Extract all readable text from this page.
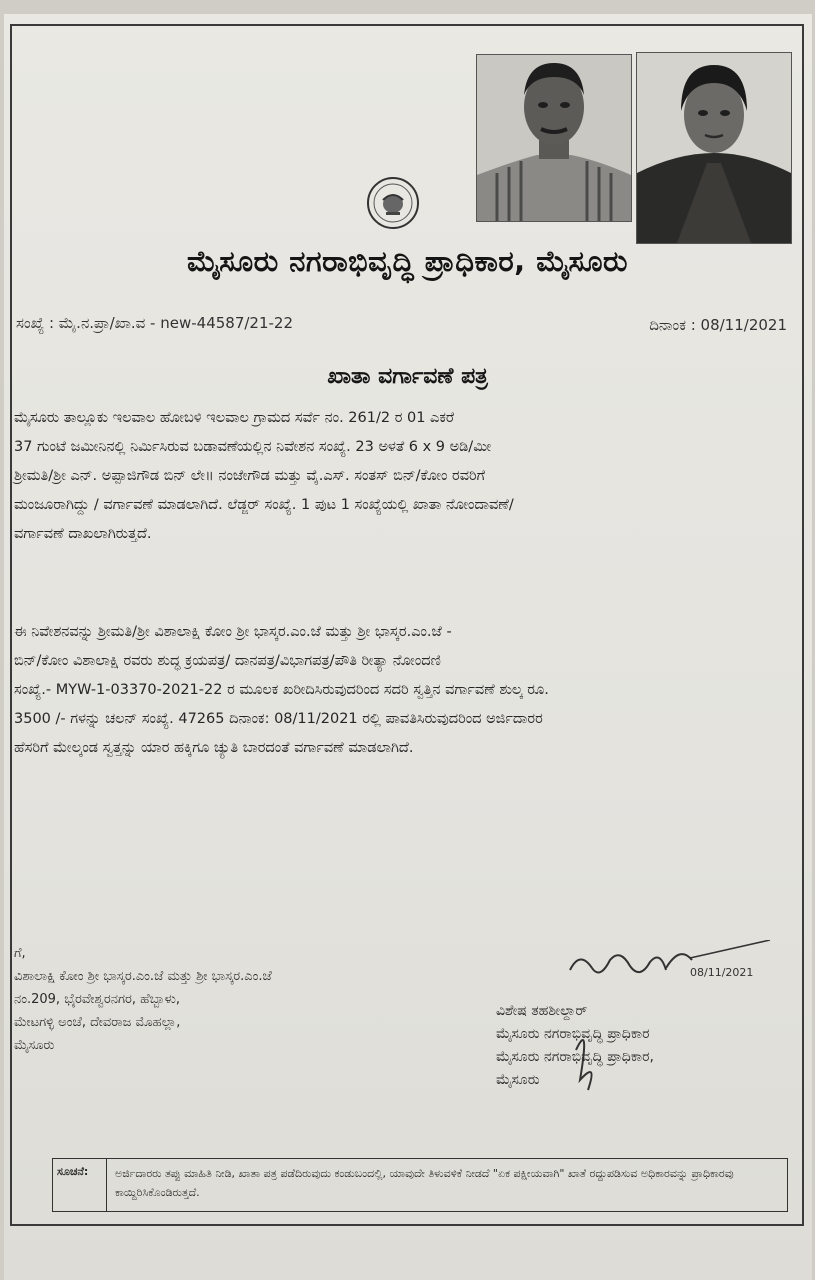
ಮೈಸೂರು ನಗರಾಭಿವೃದ್ಧಿ ಪ್ರಾಧಿಕಾರ, ಮೈಸೂರು
ಸಂಖ್ಯೆ : ಮೈ.ನ.ಪ್ರಾ/ಖಾ.ವ - new-44587/21-22	ದಿನಾಂಕ : 08/11/2021
ಖಾತಾ ವರ್ಗಾವಣೆ ಪತ್ರ
ಮೈಸೂರು ತಾಲ್ಲೂಕು ಇಲವಾಲ ಹೋಬಳಿ ಇಲವಾಲ ಗ್ರಾಮದ ಸರ್ವೆ ನಂ. 261/2 ರ 01 ಎಕರೆ
37 ಗುಂಟೆ ಜಮೀನಿನಲ್ಲಿ ನಿರ್ಮಿಸಿರುವ ಬಡಾವಣೆಯಲ್ಲಿನ ನಿವೇಶನ ಸಂಖ್ಯೆ. 23 ಅಳತೆ 6 x 9 ಅಡಿ/ಮೀ
ಶ್ರೀಮತಿ/ಶ್ರೀ ಎನ್. ಅಪ್ಪಾಜಿಗೌಡ ಬಿನ್ ಲೇ॥ ನಂಜೇಗೌಡ ಮತ್ತು ವೈ.ಎಸ್. ಸಂತಸ್ ಬಿನ್/ಕೋಂ ರವರಿಗೆ
ಮಂಜೂರಾಗಿದ್ದು / ವರ್ಗಾವಣೆ ಮಾಡಲಾಗಿದೆ. ಲೆಡ್ಜರ್ ಸಂಖ್ಯೆ. 1 ಪುಟ 1 ಸಂಖ್ಯೆಯಲ್ಲಿ ಖಾತಾ ನೋಂದಾವಣೆ/
ವರ್ಗಾವಣೆ ದಾಖಲಾಗಿರುತ್ತದೆ.
ಈ ನಿವೇಶನವನ್ನು ಶ್ರೀಮತಿ/ಶ್ರೀ ವಿಶಾಲಾಕ್ಷಿ ಕೋಂ ಶ್ರೀ ಭಾಸ್ಕರ.ಎಂ.ಜೆ ಮತ್ತು ಶ್ರೀ ಭಾಸ್ಕರ.ಎಂ.ಜೆ -
ಬಿನ್/ಕೋಂ ವಿಶಾಲಾಕ್ಷಿ ರವರು ಶುದ್ಧ ಕ್ರಯಪತ್ರ/ ದಾನಪತ್ರ/ವಿಭಾಗಪತ್ರ/ಪೌತಿ ರೀತ್ಯಾ ನೋಂದಣಿ
ಸಂಖ್ಯೆ.- MYW-1-03370-2021-22 ರ ಮೂಲಕ ಖರೀದಿಸಿರುವುದರಿಂದ ಸದರಿ ಸ್ವತ್ತಿನ ವರ್ಗಾವಣೆ ಶುಲ್ಕ ರೂ.
3500 /- ಗಳನ್ನು ಚಲನ್ ಸಂಖ್ಯೆ. 47265 ದಿನಾಂಕ: 08/11/2021 ರಲ್ಲಿ ಪಾವತಿಸಿರುವುದರಿಂದ ಅರ್ಜಿದಾರರ
ಹೆಸರಿಗೆ ಮೇಲ್ಕಂಡ ಸ್ವತ್ತನ್ನು ಯಾರ ಹಕ್ಕಿಗೂ ಚ್ಯುತಿ ಬಾರದಂತೆ ವರ್ಗಾವಣೆ ಮಾಡಲಾಗಿದೆ.
ಗೆ,
ವಿಶಾಲಾಕ್ಷಿ ಕೋಂ ಶ್ರೀ ಭಾಸ್ಕರ.ಎಂ.ಜೆ ಮತ್ತು ಶ್ರೀ ಭಾಸ್ಕರ.ಎಂ.ಜೆ
ನಂ.209, ಭೈರವೇಶ್ವರನಗರ, ಹೆಬ್ಬಾಳು,
ಮೇಟಗಳ್ಳಿ ಅಂಚೆ, ದೇವರಾಜ ಮೊಹಲ್ಲಾ,
ಮೈಸೂರು
08/11/2021
ವಿಶೇಷ ತಹಶೀಲ್ದಾರ್
ಮೈಸೂರು ನಗರಾಭಿವೃದ್ಧಿ ಪ್ರಾಧಿಕಾರ
ಮೈಸೂರು ನಗರಾಭಿವೃದ್ಧಿ ಪ್ರಾಧಿಕಾರ,
ಮೈಸೂರು
ಸೂಚನೆ:	ಅರ್ಜಿದಾರರು ತಪ್ಪು ಮಾಹಿತಿ ನೀಡಿ, ಖಾತಾ ಪತ್ರ ಪಡೆದಿರುವುದು ಕಂಡುಬಂದಲ್ಲಿ, ಯಾವುದೇ ತಿಳುವಳಿಕೆ ನೀಡದೆ "ಏಕ ಪಕ್ಷೀಯವಾಗಿ" ಖಾತೆ ರದ್ದುಪಡಿಸುವ ಅಧಿಕಾರವನ್ನು ಪ್ರಾಧಿಕಾರವು ಕಾಯ್ದಿರಿಸಿಕೊಂಡಿರುತ್ತದೆ.
